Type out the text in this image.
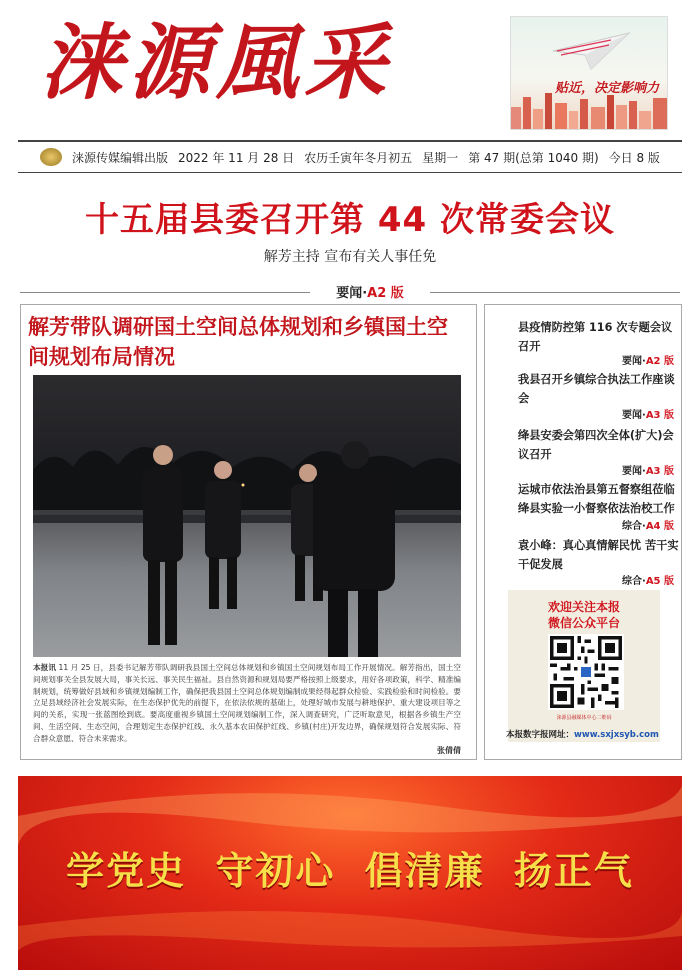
涞源風采	贴近，决定影响力
涞源传媒编辑出版 2022 年 11 月 28 日 农历壬寅年冬月初五 星期一 第 47 期(总第 1040 期) 今日 8 版
十五届县委召开第 44 次常委会议
解芳主持 宣布有关人事任免
要闻·A2 版
解芳带队调研国土空间总体规划和乡镇国土空间规划布局情况
本报讯 11 月 25 日，县委书记解芳带队调研我县国土空间总体规划和乡镇国土空间规划布局工作开展情况。解芳指出，国土空间规划事关全县发展大局，事关长远、事关民生福祉。县自然资源和规划局要严格按照上级要求，用好各项政策，科学、精准编制规划，统筹做好县域和乡镇规划编制工作，确保把我县国土空间总体规划编制成果经得起群众检验、实践检验和时间检验。要立足县域经济社会发展实际，在生态保护优先的前提下，在依法依规的基础上，处理好城市发展与耕地保护、重大建设项目等之间的关系，实现一张蓝图绘到底。要高度重视乡镇国土空间规划编制工作，深入调查研究，广泛听取意见，根据各乡镇生产空间、生活空间、生态空间，合理划定生态保护红线、永久基本农田保护红线、乡镇(村庄)开发边界，确保规划符合发展实际、符合群众意愿、符合未来需求。
张倩倩
县疫情防控第 116 次专题会议召开
要闻·A2 版
我县召开乡镇综合执法工作座谈会
要闻·A3 版
绛县安委会第四次全体(扩大)会议召开
要闻·A3 版
运城市依法治县第五督察组莅临绛县实验一小督察依法治校工作
综合·A4 版
袁小峰：真心真情解民忧 苦干实干促发展
综合·A5 版
欢迎关注本报
微信公众平台
涞源县融媒体中心二维码
本报数字报网址：www.sxjxsyb.com
学党史 守初心 倡清廉 扬正气
